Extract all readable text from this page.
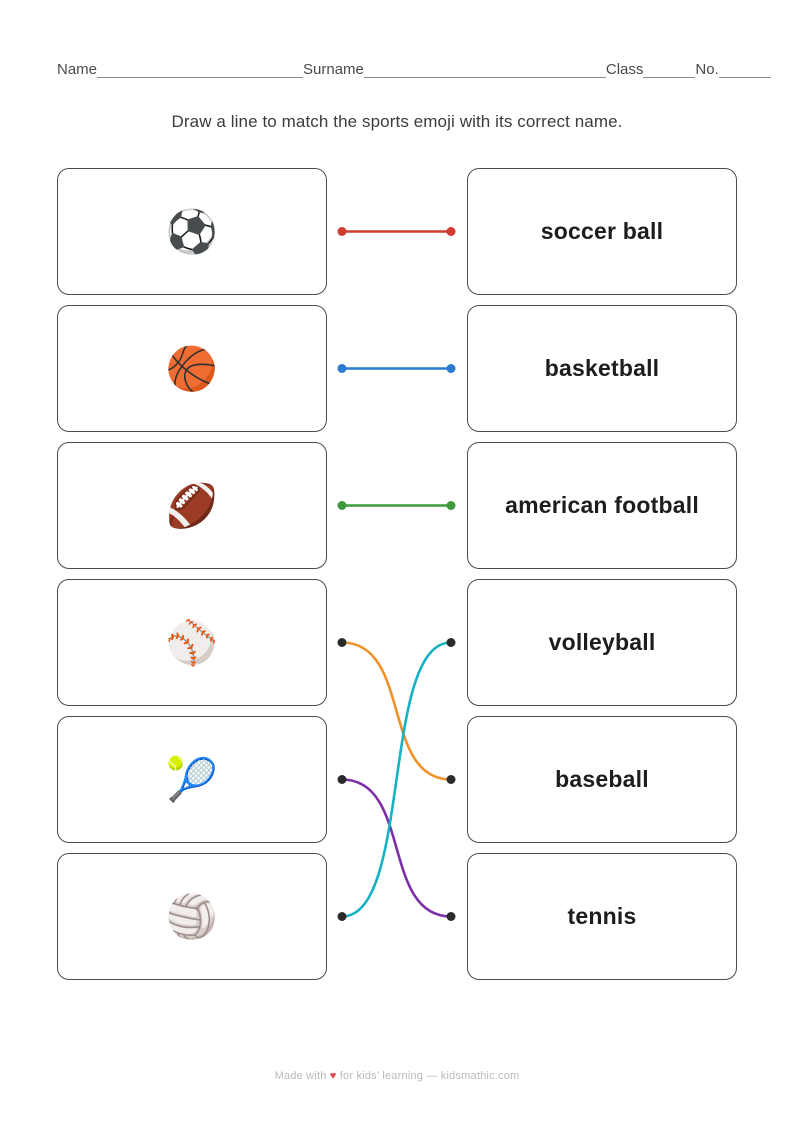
Name	Surname	Class	No.
Draw a line to match the sports emoji with its correct name.
⚽
🏀
🏈
⚾
🎾
🏐
soccer ball
basketball
american football
volleyball
baseball
tennis
Made with ♥ for kids’ learning — kidsmathic.com
